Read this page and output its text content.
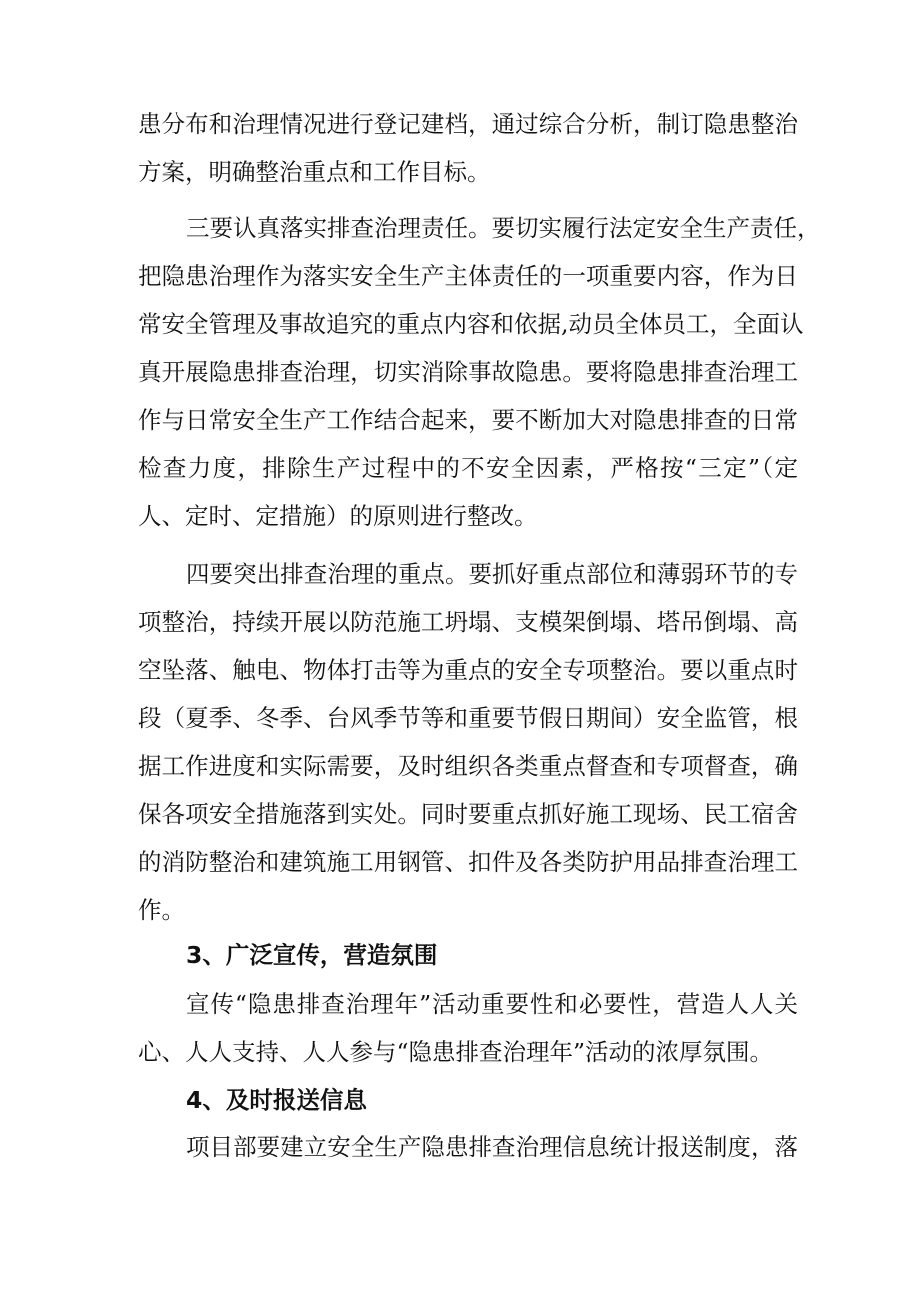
患分布和治理情况进行登记建档，通过综合分析，制订隐患整治
方案，明确整治重点和工作目标。
三要认真落实排查治理责任。要切实履行法定安全生产责任，
把隐患治理作为落实安全生产主体责任的一项重要内容，作为日
常安全管理及事故追究的重点内容和依据,动员全体员工，全面认
真开展隐患排查治理，切实消除事故隐患。要将隐患排查治理工
作与日常安全生产工作结合起来，要不断加大对隐患排查的日常
检查力度，排除生产过程中的不安全因素，严格按“三定”（定
人、定时、定措施）的原则进行整改。
四要突出排查治理的重点。要抓好重点部位和薄弱环节的专
项整治，持续开展以防范施工坍塌、支模架倒塌、塔吊倒塌、高
空坠落、触电、物体打击等为重点的安全专项整治。要以重点时
段（夏季、冬季、台风季节等和重要节假日期间）安全监管，根
据工作进度和实际需要，及时组织各类重点督查和专项督查，确
保各项安全措施落到实处。同时要重点抓好施工现场、民工宿舍
的消防整治和建筑施工用钢管、扣件及各类防护用品排查治理工
作。
3、广泛宣传，营造氛围
宣传“隐患排查治理年”活动重要性和必要性，营造人人关
心、人人支持、人人参与“隐患排查治理年”活动的浓厚氛围。
4、及时报送信息
项目部要建立安全生产隐患排查治理信息统计报送制度，落
